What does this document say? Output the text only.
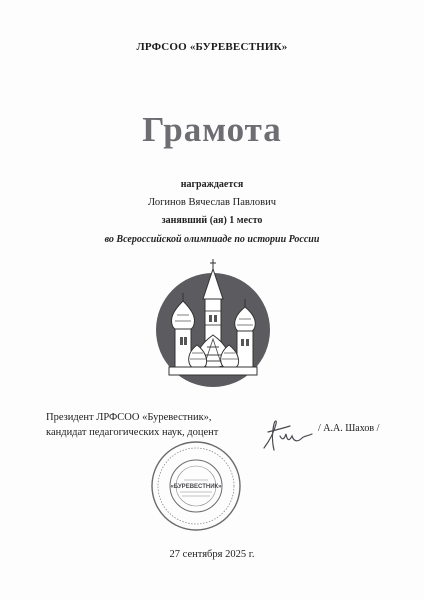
ЛРФСОО «БУРЕВЕСТНИК»
Грамота
награждается
Логинов Вячеслав Павлович
занявший (ая) 1 место
во Всероссийской олимпиаде по истории России
Президент ЛРФСОО «Буревестник»,
кандидат педагогических наук, доцент	/ А.А. Шахов /
«БУРЕВЕСТНИК»
27 сентября 2025 г.
